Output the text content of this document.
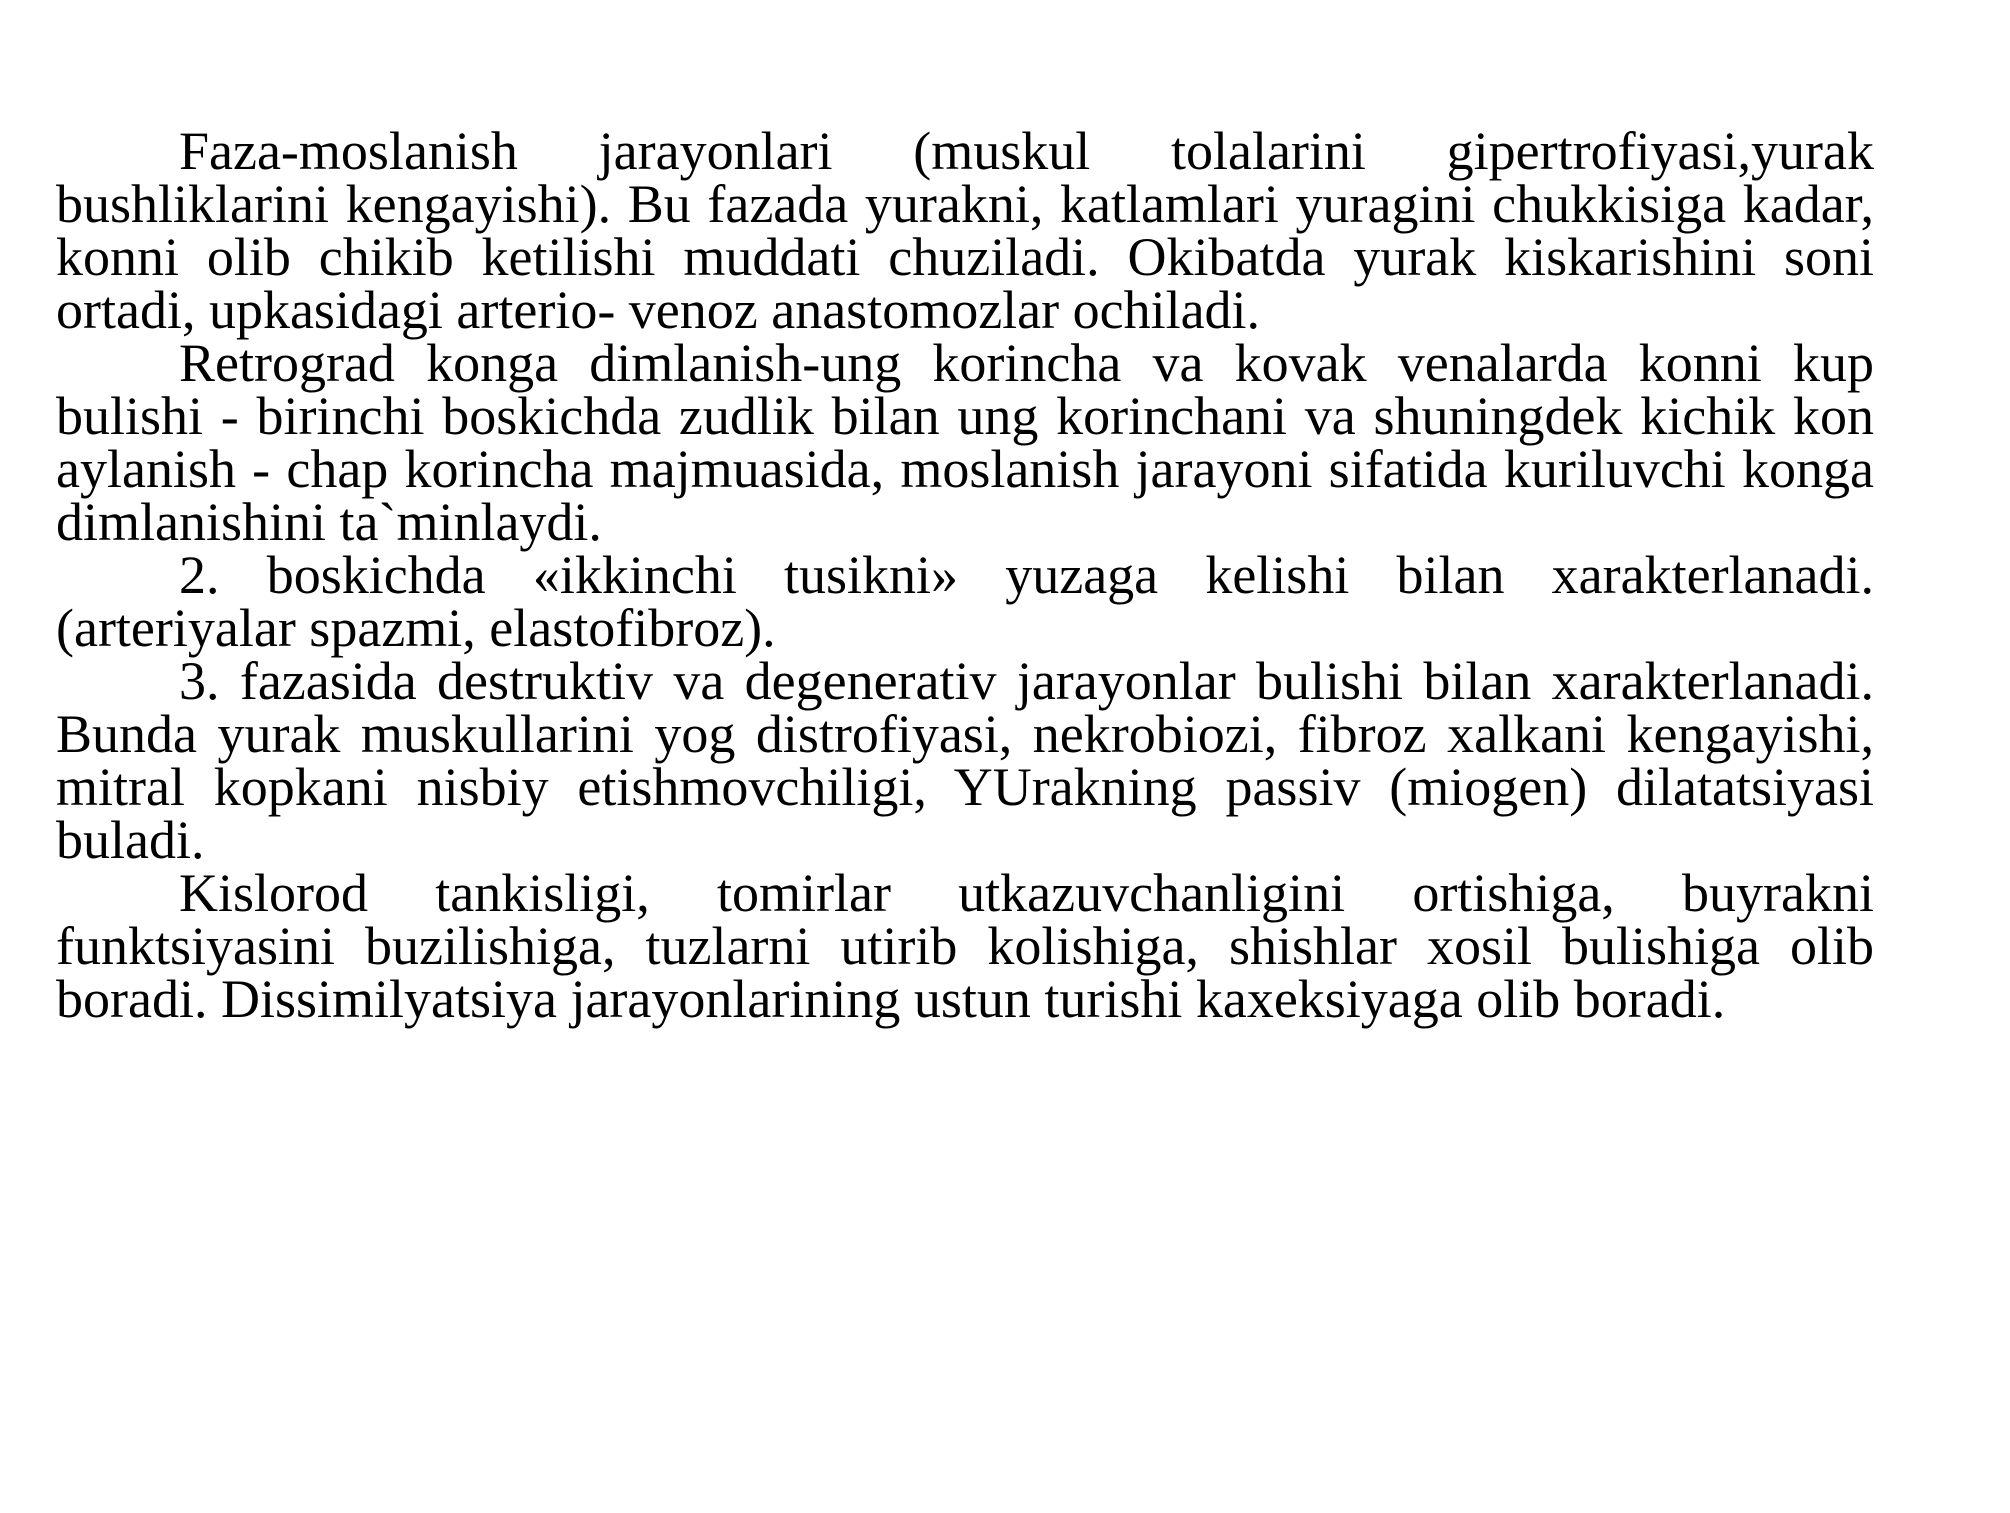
Faza-moslanish jarayonlari (muskul tolalarini gipertrofiyasi,yurak bushliklarini kengayishi). Bu fazada yurakni, katlamlari yuragini chukkisiga kadar, konni olib chikib ketilishi muddati chuziladi. Okibatda yurak kiskarishini soni ortadi, upkasidagi arterio- venoz anastomozlar ochiladi.

Retrograd konga dimlanish-ung korincha va kovak venalarda konni kup bulishi - birinchi boskichda zudlik bilan ung korinchani va shuningdek kichik kon aylanish - chap korincha majmuasida, moslanish jarayoni sifatida kuriluvchi konga dimlanishini ta`minlaydi.

2. boskichda «ikkinchi tusikni» yuzaga kelishi bilan xarakterlanadi. (arteriyalar spazmi, elastofibroz).

3. fazasida destruktiv va degenerativ jarayonlar bulishi bilan xarakterlanadi. Bunda yurak muskullarini yog distrofiyasi, nekrobiozi, fibroz xalkani kengayishi, mitral kopkani nisbiy etishmovchiligi, YUrakning passiv (miogen) dilatatsiyasi buladi.

Kislorod tankisligi, tomirlar utkazuvchanligini ortishiga, buyrakni funktsiyasini buzilishiga, tuzlarni utirib kolishiga, shishlar xosil bulishiga olib boradi. Dissimilyatsiya jarayonlarining ustun turishi kaxeksiyaga olib boradi.
